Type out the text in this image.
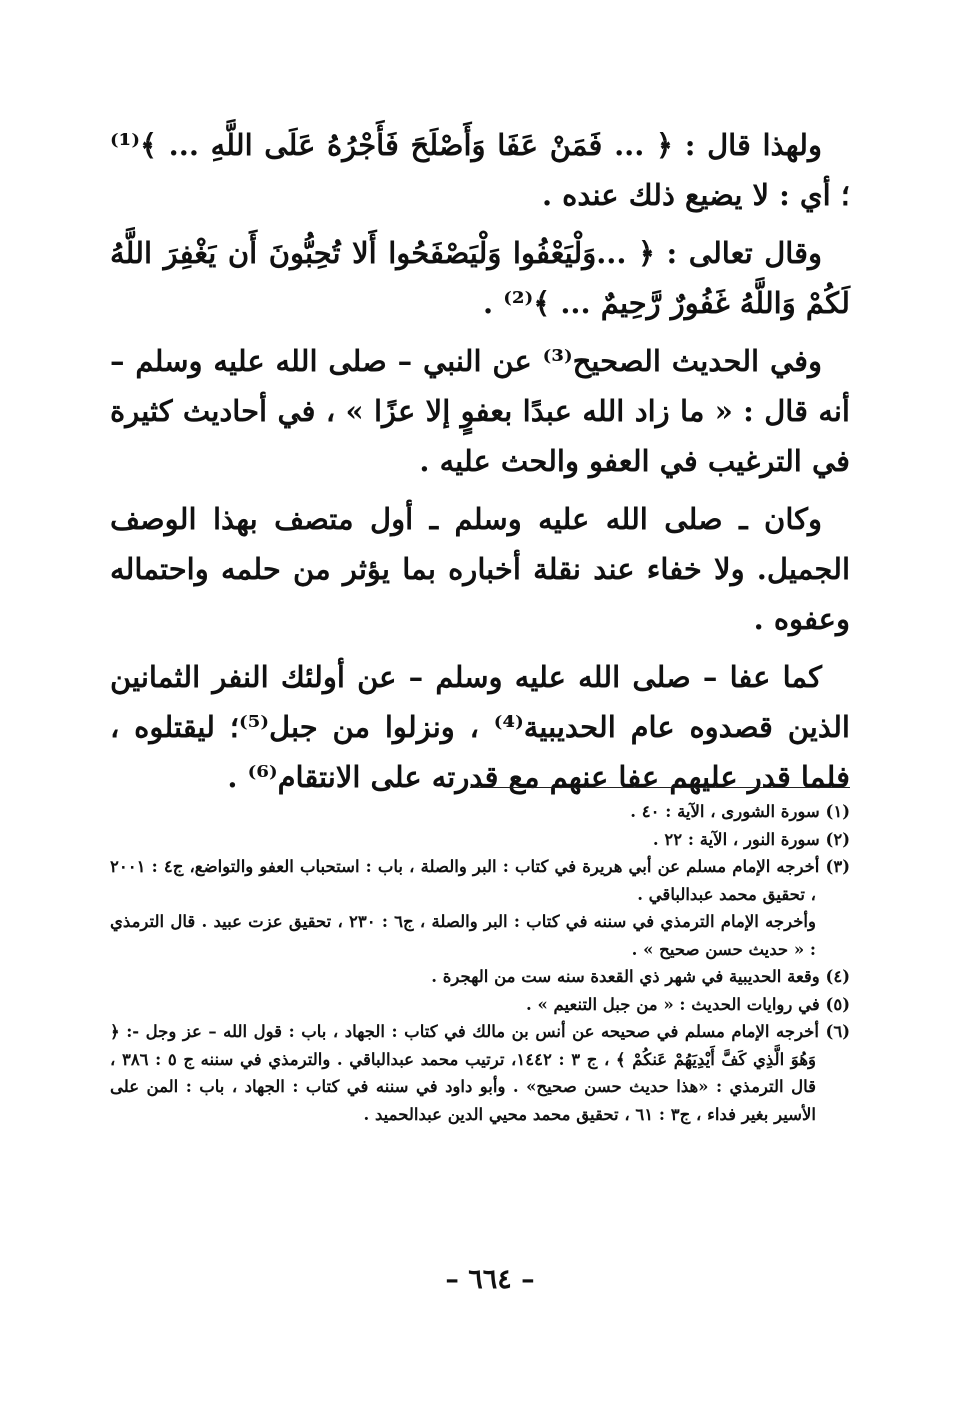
ولهذا قال : ﴿ ... فَمَنْ عَفَا وَأَصْلَحَ فَأَجْرُهُ عَلَى اللَّهِ ... ﴾⁽¹⁾ ؛ أي : لا يضيع ذلك عنده .

وقال تعالى : ﴿ ...وَلْيَعْفُوا وَلْيَصْفَحُوا أَلا تُحِبُّونَ أَن يَغْفِرَ اللَّهُ لَكُمْ وَاللَّهُ غَفُورٌ رَّحِيمٌ ... ﴾⁽²⁾ .

وفي الحديث الصحيح⁽³⁾ عن النبي – صلى الله عليه وسلم – أنه قال : « ما زاد الله عبدًا بعفوٍ إلا عزًا » ، في أحاديث كثيرة في الترغيب في العفو والحث عليه .

وكان ـ صلى الله عليه وسلم ـ أول متصف بهذا الوصف الجميل. ولا خفاء عند نقلة أخباره بما يؤثر من حلمه واحتماله وعفوه .

كما عفا – صلى الله عليه وسلم – عن أولئك النفر الثمانين الذين قصدوه عام الحديبية⁽⁴⁾ ، ونزلوا من جبل⁽⁵⁾؛ ليقتلوه ، فلما قدر عليهم عفا عنهم مع قدرته على الانتقام⁽⁶⁾ .

(١) سورة الشورى ، الآية : ٤٠ .

(٢) سورة النور ، الآية : ٢٢ .

(٣) أخرجه الإمام مسلم عن أبي هريرة في كتاب : البر والصلة ، باب : استحباب العفو والتواضع، ج٤ : ٢٠٠١ ، تحقيق محمد عبدالباقي .

وأخرجه الإمام الترمذي في سننه في كتاب : البر والصلة ، ج٦ : ٢٣٠ ، تحقيق عزت عبيد . قال الترمذي : « حديث حسن صحيح » .

(٤) وقعة الحديبية في شهر ذي القعدة سنه ست من الهجرة .

(٥) في روايات الحديث : « من جبل التنعيم » .

(٦) أخرجه الإمام مسلم في صحيحه عن أنس بن مالك في كتاب : الجهاد ، باب : قول الله – عز وجل -: ﴿ وَهُوَ الَّذِي كَفَّ أَيْدِيَهُمْ عَنكُمْ ﴾ ، ج ٣ : ١٤٤٢، ترتيب محمد عبدالباقي . والترمذي في سننه ج ٥ : ٣٨٦ ، قال الترمذي : «هذا حديث حسن صحيح» . وأبو داود في سننه في كتاب : الجهاد ، باب : المن على الأسير بغير فداء ، ج٣ : ٦١ ، تحقيق محمد محيي الدين عبدالحميد .

– ٦٦٤ –
